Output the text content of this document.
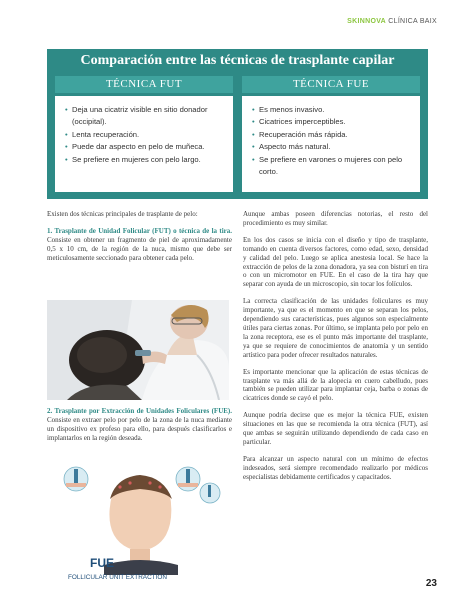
SKINNOVA CLÍNICA BAIX
Comparación entre las técnicas de trasplante capilar
TÉCNICA FUT	TÉCNICA FUE
• Deja una cicatriz visible en sitio donador (occipital).
• Lenta recuperación.
• Puede dar aspecto en pelo de muñeca.
• Se prefiere en mujeres con pelo largo.
• Es menos invasivo.
• Cicatrices imperceptibles.
• Recuperación más rápida.
• Aspecto más natural.
• Se prefiere en varones o mujeres con pelo corto.

Existen dos técnicas principales de trasplante de pelo:

1. Trasplante de Unidad Folicular (FUT) o técnica de la tira. Consiste en obtener un fragmento de piel de aproximadamente 0,5 x 10 cm, de la región de la nuca, mismo que debe ser meticulosamente seccionado para obtener cada pelo.

2. Trasplante por Extracción de Unidades Foliculares (FUE). Consiste en extraer pelo por pelo de la zona de la nuca mediante un dispositivo ex profeso para ello, para después clasificarlos e implantarlos en la región deseada.

FUE
FOLLICULAR UNIT EXTRACTION

Aunque ambas poseen diferencias notorias, el resto del procedimiento es muy similar.

En los dos casos se inicia con el diseño y tipo de trasplante, tomando en cuenta diversos factores, como edad, sexo, densidad y calidad del pelo. Luego se aplica anestesia local. Se hace la extracción de pelos de la zona donadora, ya sea con bisturí en tira o con un micromotor en FUE. En el caso de la tira hay que separar con ayuda de un microscopio, sin tocar los folículos.

La correcta clasificación de las unidades foliculares es muy importante, ya que es el momento en que se separan los pelos, dependiendo sus características, pues algunos son especialmente útiles para ciertas zonas. Por último, se implanta pelo por pelo en la zona receptora, ese es el punto más importante del trasplante, ya que se requiere de conocimientos de anatomía y un sentido artístico para poder ofrecer resultados naturales.

Es importante mencionar que la aplicación de estas técnicas de trasplante va más allá de la alopecia en cuero cabelludo, pues también se pueden utilizar para implantar ceja, barba o zonas de cicatrices donde se cayó el pelo.

Aunque podría decirse que es mejor la técnica FUE, existen situaciones en las que se recomienda la otra técnica (FUT), así que ambas se seguirán utilizando dependiendo de cada caso en particular.

Para alcanzar un aspecto natural con un mínimo de efectos indeseados, será siempre recomendado realizarlo por médicos especialistas debidamente certificados y capacitados.

23
